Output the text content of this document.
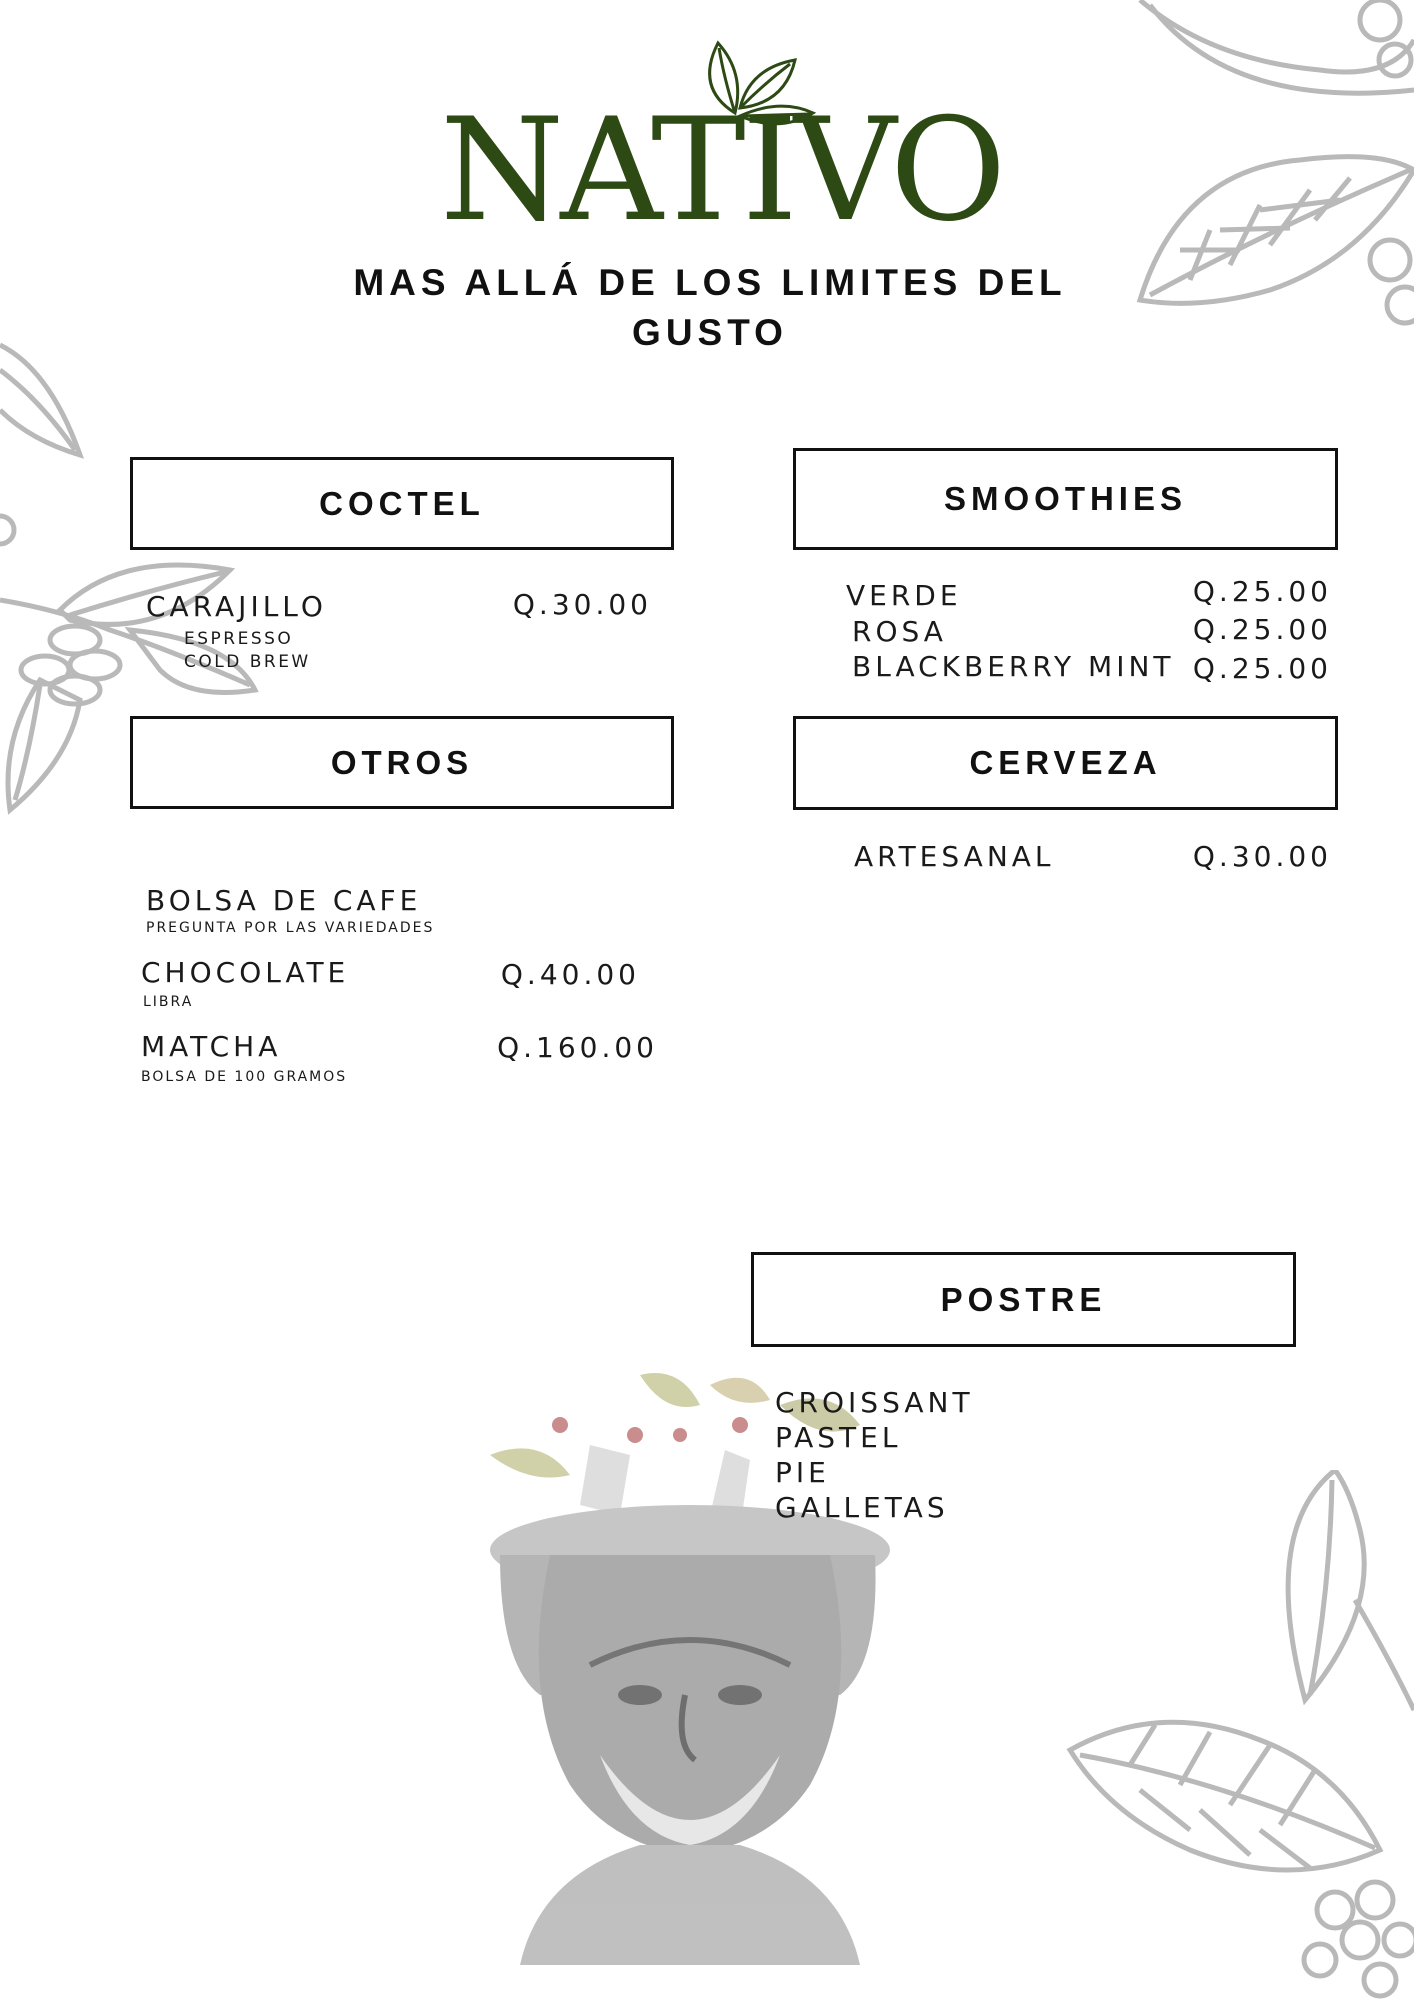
NATIVO
MAS ALLÁ DE LOS LIMITES DEL
GUSTO
COCTEL
CARAJILLO	Q.30.00
ESPRESSO
COLD BREW
SMOOTHIES
VERDE	Q.25.00
ROSA	Q.25.00
BLACKBERRY MINT Q.25.00
OTROS
BOLSA DE CAFE
PREGUNTA POR LAS VARIEDADES
CHOCOLATE	Q.40.00
LIBRA
MATCHA	Q.160.00
BOLSA DE 100 GRAMOS
CERVEZA
ARTESANAL	Q.30.00
POSTRE
CROISSANT
PASTEL
PIE
GALLETAS
